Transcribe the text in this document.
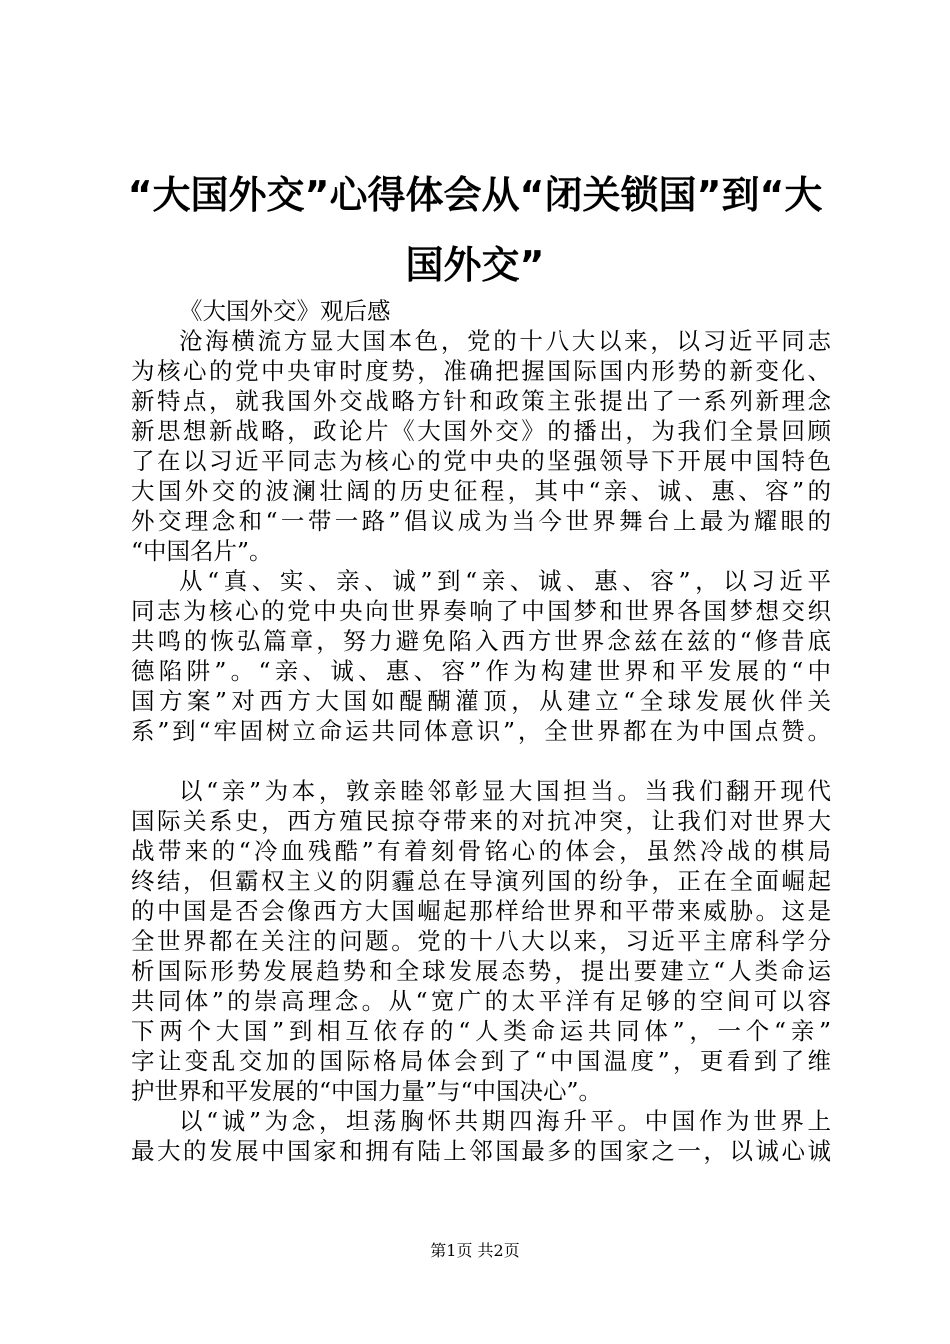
“大国外交”心得体会从“闭关锁国”到“大
国外交”
《大国外交》观后感
沧海横流方显大国本色，党的十八大以来，以习近平同志
为核心的党中央审时度势，准确把握国际国内形势的新变化、
新特点，就我国外交战略方针和政策主张提出了一系列新理念
新思想新战略，政论片《大国外交》的播出，为我们全景回顾
了在以习近平同志为核心的党中央的坚强领导下开展中国特色
大国外交的波澜壮阔的历史征程，其中“亲、诚、惠、容”的
外交理念和“一带一路”倡议成为当今世界舞台上最为耀眼的
“中国名片”。
从“真、实、亲、诚”到“亲、诚、惠、容”，以习近平
同志为核心的党中央向世界奏响了中国梦和世界各国梦想交织
共鸣的恢弘篇章，努力避免陷入西方世界念兹在兹的“修昔底
德陷阱”。“亲、诚、惠、容”作为构建世界和平发展的“中
国方案”对西方大国如醍醐灌顶，从建立“全球发展伙伴关
系”到“牢固树立命运共同体意识”，全世界都在为中国点赞。
以“亲”为本，敦亲睦邻彰显大国担当。当我们翻开现代
国际关系史，西方殖民掠夺带来的对抗冲突，让我们对世界大
战带来的“冷血残酷”有着刻骨铭心的体会，虽然冷战的棋局
终结，但霸权主义的阴霾总在导演列国的纷争，正在全面崛起
的中国是否会像西方大国崛起那样给世界和平带来威胁。这是
全世界都在关注的问题。党的十八大以来，习近平主席科学分
析国际形势发展趋势和全球发展态势，提出要建立“人类命运
共同体”的崇高理念。从“宽广的太平洋有足够的空间可以容
下两个大国”到相互依存的“人类命运共同体”，一个“亲”
字让变乱交加的国际格局体会到了“中国温度”，更看到了维
护世界和平发展的“中国力量”与“中国决心”。
以“诚”为念，坦荡胸怀共期四海升平。中国作为世界上
最大的发展中国家和拥有陆上邻国最多的国家之一，以诚心诚
第1页 共2页
